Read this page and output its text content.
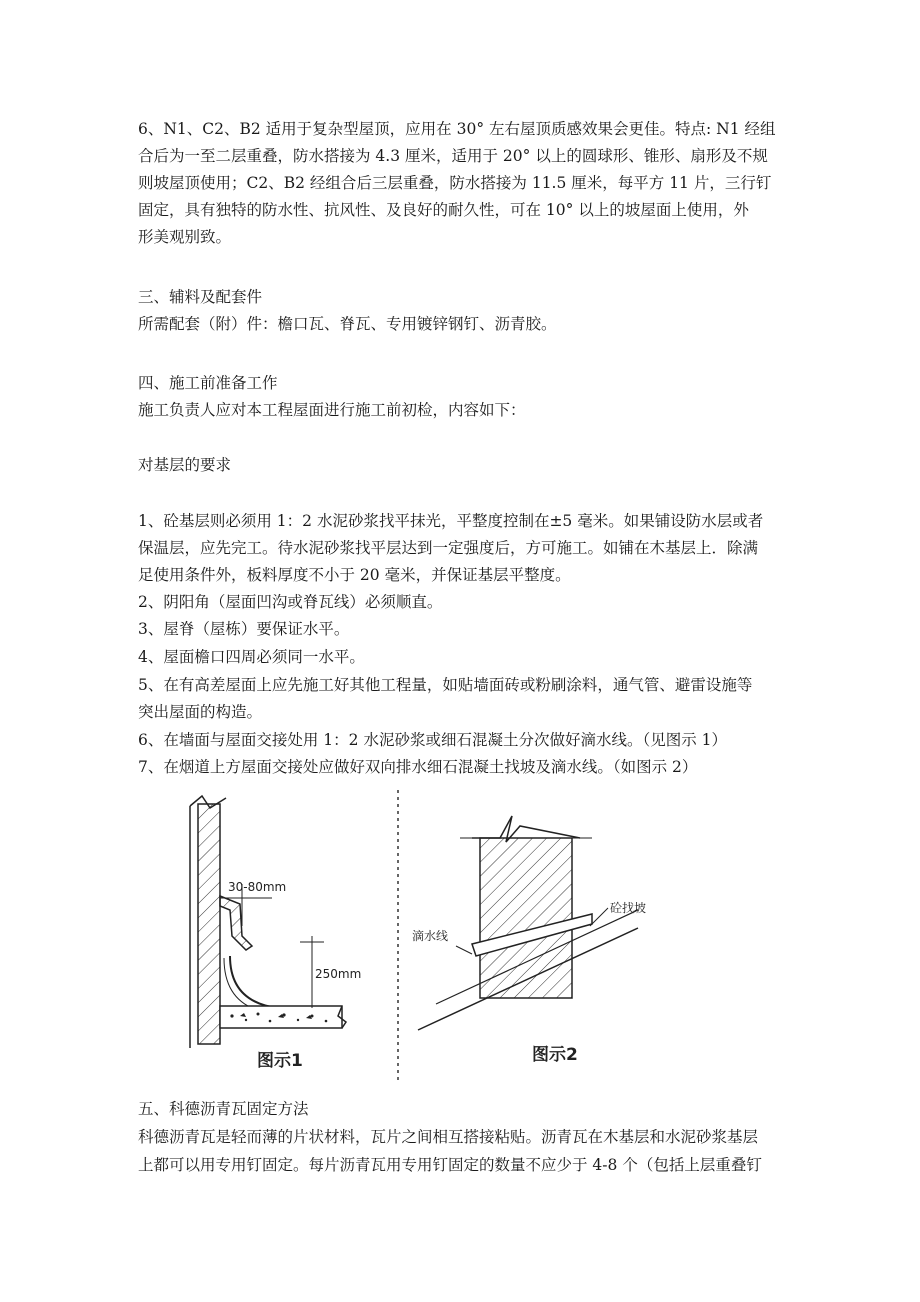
6、N1、C2、B2 适用于复杂型屋顶，应用在 30° 左右屋顶质感效果会更佳。特点: N1 经组
合后为一至二层重叠，防水搭接为 4.3 厘米，适用于 20° 以上的圆球形、锥形、扇形及不规
则坡屋顶使用；C2、B2 经组合后三层重叠，防水搭接为 11.5 厘米，每平方 11 片，三行钉
固定，具有独特的防水性、抗风性、及良好的耐久性，可在 10° 以上的坡屋面上使用，外
形美观别致。
三、辅料及配套件
所需配套（附）件：檐口瓦、脊瓦、专用镀锌钢钉、沥青胶。
四、施工前准备工作
施工负责人应对本工程屋面进行施工前初检，内容如下：
对基层的要求
1、砼基层则必须用 1：2 水泥砂浆找平抹光，平整度控制在±5 毫米。如果铺设防水层或者
保温层，应先完工。待水泥砂浆找平层达到一定强度后，方可施工。如铺在木基层上．除满
足使用条件外，板料厚度不小于 20 毫米，并保证基层平整度。
2、阴阳角（屋面凹沟或脊瓦线）必须顺直。
3、屋脊（屋栋）要保证水平。
4、屋面檐口四周必须同一水平。
5、在有高差屋面上应先施工好其他工程量，如贴墙面砖或粉刷涂料，通气管、避雷设施等
突出屋面的构造。
6、在墙面与屋面交接处用 1：2 水泥砂浆或细石混凝土分次做好滴水线。（见图示 1）
7、在烟道上方屋面交接处应做好双向排水细石混凝土找坡及滴水线。（如图示 2）
30-80mm
250mm
图示1
滴水线
砼找坡
图示2
五、科德沥青瓦固定方法
科德沥青瓦是轻而薄的片状材料，瓦片之间相互搭接粘贴。沥青瓦在木基层和水泥砂浆基层
上都可以用专用钉固定。每片沥青瓦用专用钉固定的数量不应少于 4-8 个（包括上层重叠钉
